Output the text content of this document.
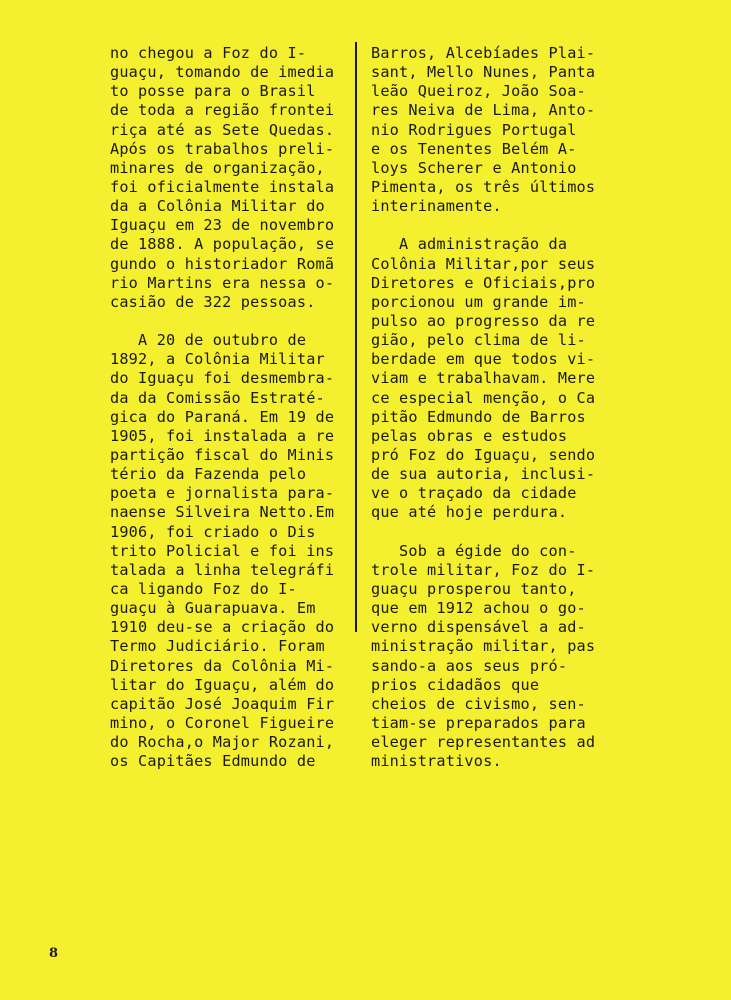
no chegou a Foz do I-
guaçu, tomando de imedia
to posse para o Brasil
de toda a região frontei
riça até as Sete Quedas.
Após os trabalhos preli-
minares de organização,
foi oficialmente instala
da a Colônia Militar do
Iguaçu em 23 de novembro
de 1888. A população, se
gundo o historiador Romã
rio Martins era nessa o-
casião de 322 pessoas.
A 20 de outubro de
1892, a Colônia Militar
do Iguaçu foi desmembra-
da da Comissão Estraté-
gica do Paraná. Em 19 de
1905, foi instalada a re
partição fiscal do Minis
tério da Fazenda pelo
poeta e jornalista para-
naense Silveira Netto.Em
1906, foi criado o Dis
trito Policial e foi ins
talada a linha telegráfi
ca ligando Foz do I-
guaçu à Guarapuava. Em
1910 deu-se a criação do
Termo Judiciário. Foram
Diretores da Colônia Mi-
litar do Iguaçu, além do
capitão José Joaquim Fir
mino, o Coronel Figueire
do Rocha,o Major Rozani,
os Capitães Edmundo de
Barros, Alcebíades Plai-
sant, Mello Nunes, Panta
leão Queiroz, João Soa-
res Neiva de Lima, Anto-
nio Rodrigues Portugal
e os Tenentes Belém A-
loys Scherer e Antonio
Pimenta, os três últimos
interinamente.
A administração da
Colônia Militar,por seus
Diretores e Oficiais,pro
porcionou um grande im-
pulso ao progresso da re
gião, pelo clima de li-
berdade em que todos vi-
viam e trabalhavam. Mere
ce especial menção, o Ca
pitão Edmundo de Barros
pelas obras e estudos
pró Foz do Iguaçu, sendo
de sua autoria, inclusi-
ve o traçado da cidade
que até hoje perdura.
Sob a égide do con-
trole militar, Foz do I-
guaçu prosperou tanto,
que em 1912 achou o go-
verno dispensável a ad-
ministração militar, pas
sando-a aos seus pró-
prios cidadãos que
cheios de civismo, sen-
tiam-se preparados para
eleger representantes ad
ministrativos.
8
